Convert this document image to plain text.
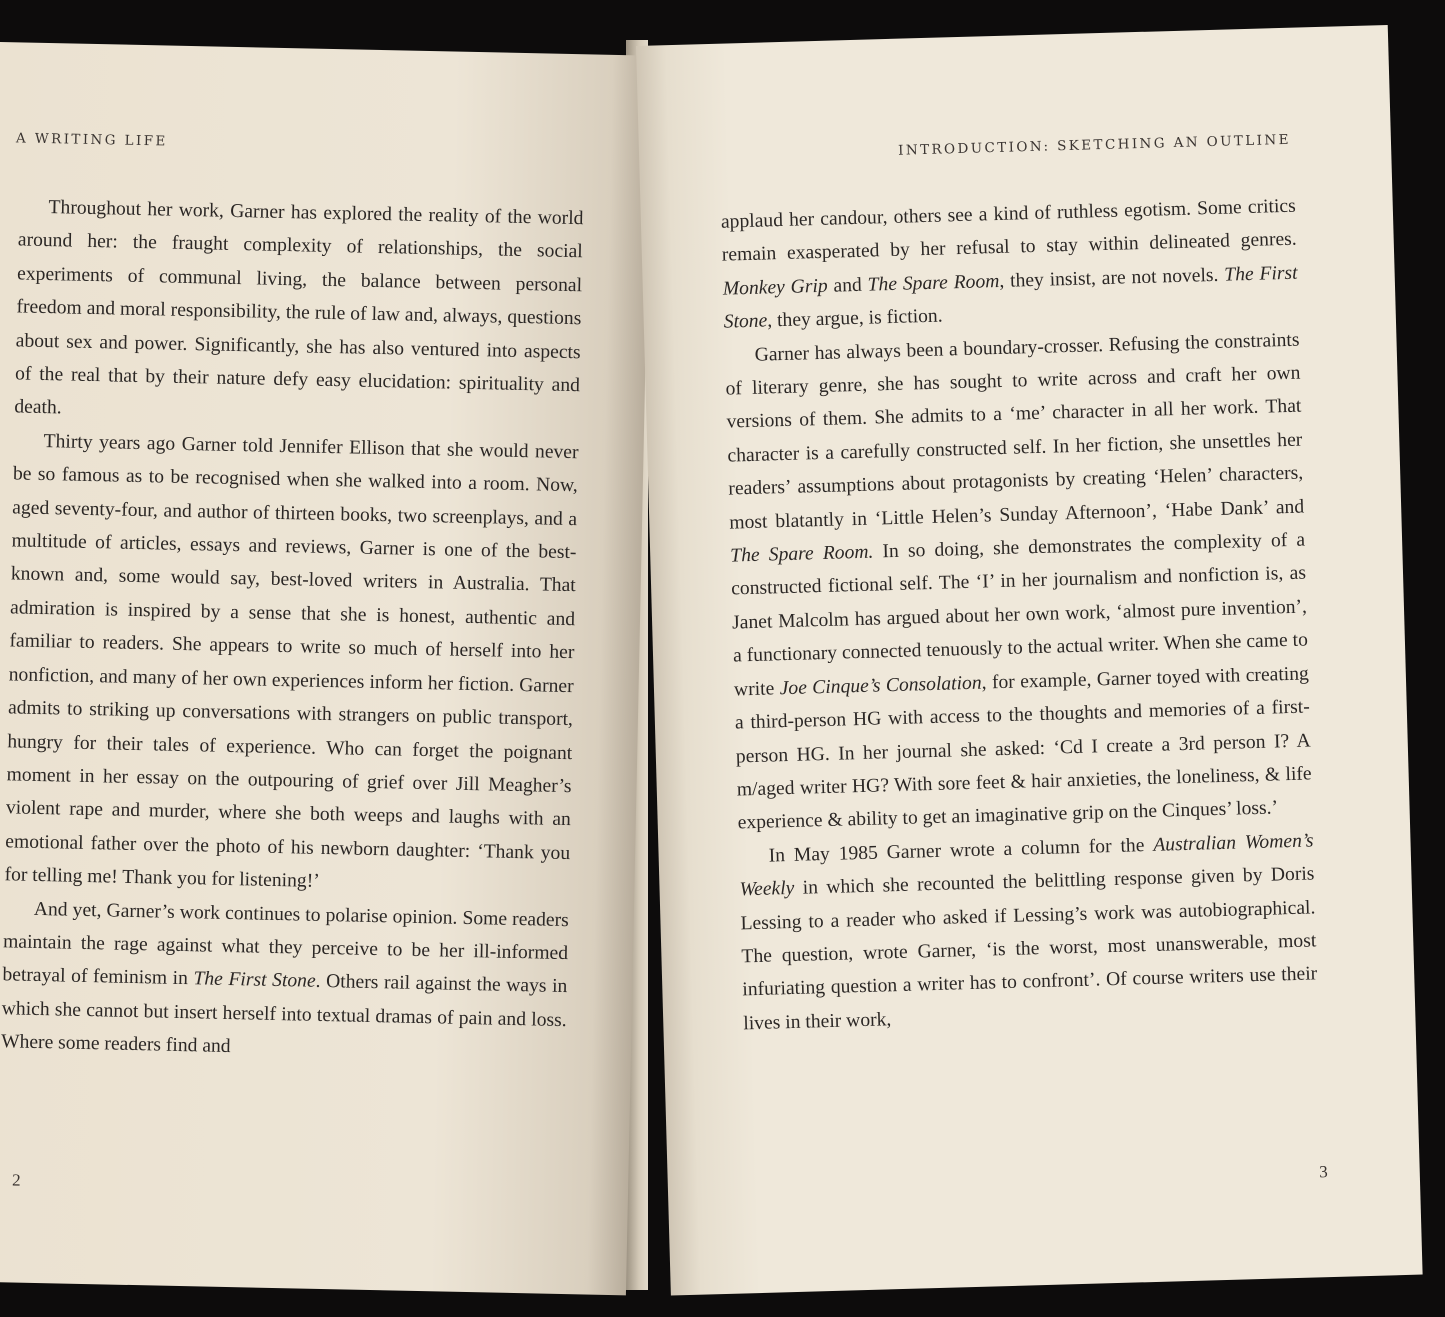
A WRITING LIFE

Throughout her work, Garner has explored the reality of the world around her: the fraught complexity of relationships, the social experiments of communal living, the balance between personal freedom and moral responsibility, the rule of law and, always, questions about sex and power. Significantly, she has also ventured into aspects of the real that by their nature defy easy elucidation: spirituality and death.

Thirty years ago Garner told Jennifer Ellison that she would never be so famous as to be recognised when she walked into a room. Now, aged seventy-four, and author of thirteen books, two screenplays, and a multitude of articles, essays and reviews, Garner is one of the best-known and, some would say, best-loved writers in Australia. That admiration is inspired by a sense that she is honest, authentic and familiar to readers. She appears to write so much of herself into her nonfiction, and many of her own experiences inform her fiction. Garner admits to striking up conversations with strangers on public transport, hungry for their tales of experience. Who can forget the poignant moment in her essay on the outpouring of grief over Jill Meagher’s violent rape and murder, where she both weeps and laughs with an emotional father over the photo of his newborn daughter: ‘Thank you for telling me! Thank you for listening!’

And yet, Garner’s work continues to polarise opinion. Some readers maintain the rage against what they perceive to be her ill-informed betrayal of feminism in The First Stone. Others rail against the ways in which she cannot but insert herself into textual dramas of pain and loss. Where some readers find and

2
INTRODUCTION: SKETCHING AN OUTLINE

applaud her candour, others see a kind of ruthless egotism. Some critics remain exasperated by her refusal to stay within delineated genres. Monkey Grip and The Spare Room, they insist, are not novels. The First Stone, they argue, is fiction.

Garner has always been a boundary-crosser. Refusing the constraints of literary genre, she has sought to write across and craft her own versions of them. She admits to a ‘me’ character in all her work. That character is a carefully constructed self. In her fiction, she unsettles her readers’ assumptions about protagonists by creating ‘Helen’ characters, most blatantly in ‘Little Helen’s Sunday Afternoon’, ‘Habe Dank’ and The Spare Room. In so doing, she demonstrates the complexity of a constructed fictional self. The ‘I’ in her journalism and nonfiction is, as Janet Malcolm has argued about her own work, ‘almost pure invention’, a functionary connected tenuously to the actual writer. When she came to write Joe Cinque’s Consolation, for example, Garner toyed with creating a third-person HG with access to the thoughts and memories of a first-person HG. In her journal she asked: ‘Cd I create a 3rd person I? A m/aged writer HG? With sore feet & hair anxieties, the loneliness, & life experience & ability to get an imaginative grip on the Cinques’ loss.’

In May 1985 Garner wrote a column for the Australian Women’s Weekly in which she recounted the belittling response given by Doris Lessing to a reader who asked if Lessing’s work was autobiographical. The question, wrote Garner, ‘is the worst, most unanswerable, most infuriating question a writer has to confront’. Of course writers use their lives in their work,

3
